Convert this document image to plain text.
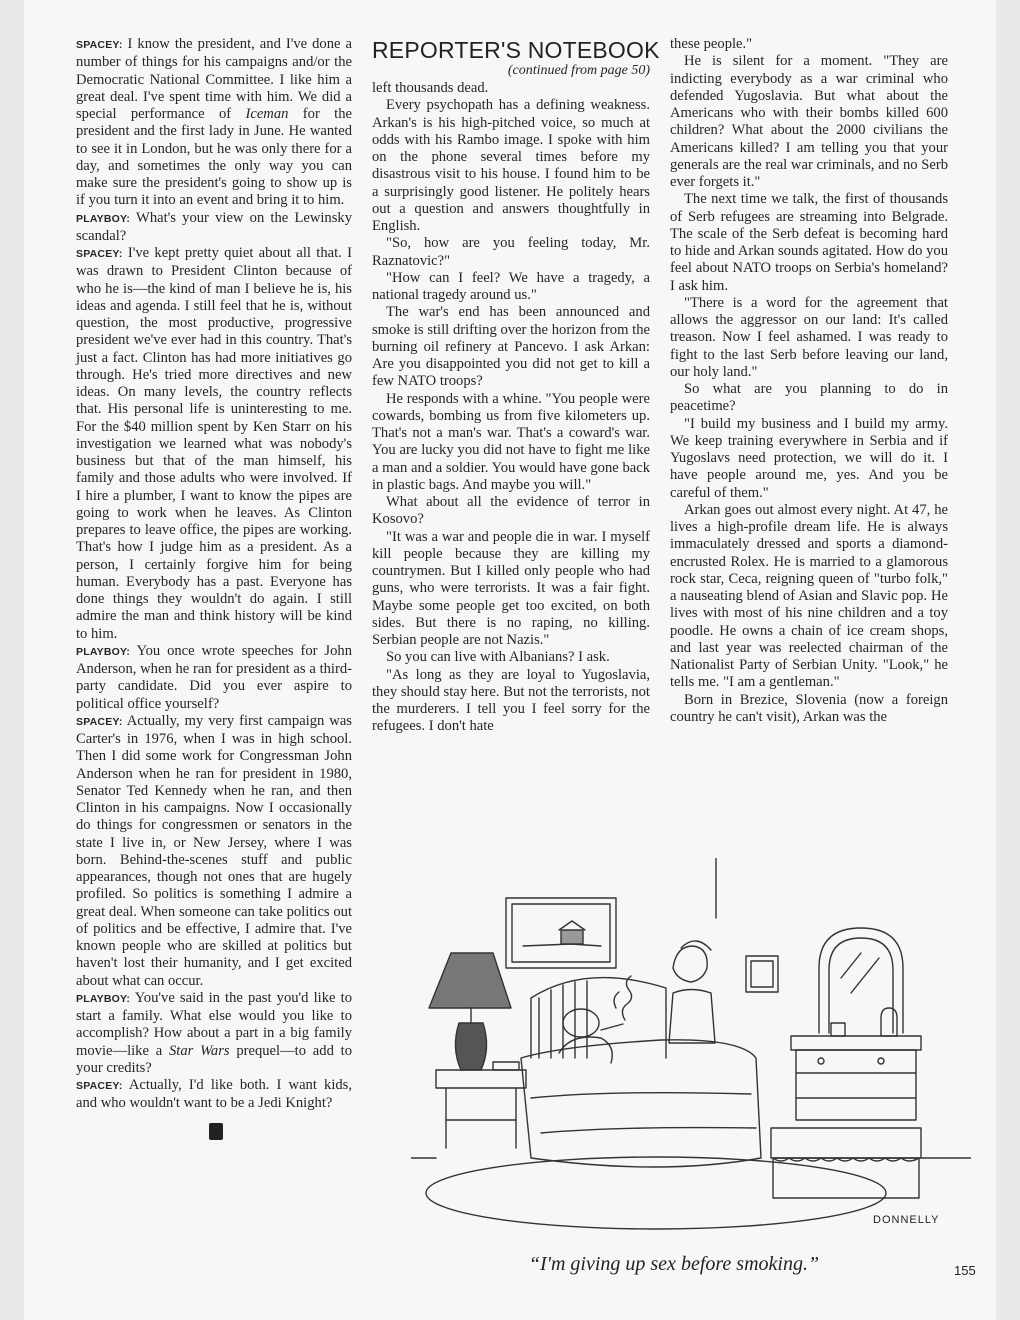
SPACEY: I know the president, and I've done a number of things for his campaigns and/or the Democratic National Committee. I like him a great deal. I've spent time with him. We did a special performance of Iceman for the president and the first lady in June. He wanted to see it in London, but he was only there for a day, and sometimes the only way you can make sure the president's going to show up is if you turn it into an event and bring it to him.

PLAYBOY: What's your view on the Lewinsky scandal?

SPACEY: I've kept pretty quiet about all that. I was drawn to President Clinton because of who he is—the kind of man I believe he is, his ideas and agenda. I still feel that he is, without question, the most productive, progressive president we've ever had in this country. That's just a fact. Clinton has had more initiatives go through. He's tried more directives and new ideas. On many levels, the country reflects that. His personal life is uninteresting to me. For the $40 million spent by Ken Starr on his investigation we learned what was nobody's business but that of the man himself, his family and those adults who were involved. If I hire a plumber, I want to know the pipes are going to work when he leaves. As Clinton prepares to leave office, the pipes are working. That's how I judge him as a president. As a person, I certainly forgive him for being human. Everybody has a past. Everyone has done things they wouldn't do again. I still admire the man and think history will be kind to him.

PLAYBOY: You once wrote speeches for John Anderson, when he ran for president as a third-party candidate. Did you ever aspire to political office yourself?

SPACEY: Actually, my very first campaign was Carter's in 1976, when I was in high school. Then I did some work for Congressman John Anderson when he ran for president in 1980, Senator Ted Kennedy when he ran, and then Clinton in his campaigns. Now I occasionally do things for congressmen or senators in the state I live in, or New Jersey, where I was born. Behind-the-scenes stuff and public appearances, though not ones that are hugely profiled. So politics is something I admire a great deal. When someone can take politics out of politics and be effective, I admire that. I've known people who are skilled at politics but haven't lost their humanity, and I get excited about what can occur.

PLAYBOY: You've said in the past you'd like to start a family. What else would you like to accomplish? How about a part in a big family movie—like a Star Wars prequel—to add to your credits?

SPACEY: Actually, I'd like both. I want kids, and who wouldn't want to be a Jedi Knight?

REPORTER'S NOTEBOOK
(continued from page 50)

left thousands dead.

Every psychopath has a defining weakness. Arkan's is his high-pitched voice, so much at odds with his Rambo image. I spoke with him on the phone several times before my disastrous visit to his house. I found him to be a surprisingly good listener. He politely hears out a question and answers thoughtfully in English.

"So, how are you feeling today, Mr. Raznatovic?"

"How can I feel? We have a tragedy, a national tragedy around us."

The war's end has been announced and smoke is still drifting over the horizon from the burning oil refinery at Pancevo. I ask Arkan: Are you disappointed you did not get to kill a few NATO troops?

He responds with a whine. "You people were cowards, bombing us from five kilometers up. That's not a man's war. That's a coward's war. You are lucky you did not have to fight me like a man and a soldier. You would have gone back in plastic bags. And maybe you will."

What about all the evidence of terror in Kosovo?

"It was a war and people die in war. I myself kill people because they are killing my countrymen. But I killed only people who had guns, who were terrorists. It was a fair fight. Maybe some people get too excited, on both sides. But there is no raping, no killing. Serbian people are not Nazis."

So you can live with Albanians? I ask.

"As long as they are loyal to Yugoslavia, they should stay here. But not the terrorists, not the murderers. I tell you I feel sorry for the refugees. I don't hate

these people."

He is silent for a moment. "They are indicting everybody as a war criminal who defended Yugoslavia. But what about the Americans who with their bombs killed 600 children? What about the 2000 civilians the Americans killed? I am telling you that your generals are the real war criminals, and no Serb ever forgets it."

The next time we talk, the first of thousands of Serb refugees are streaming into Belgrade. The scale of the Serb defeat is becoming hard to hide and Arkan sounds agitated. How do you feel about NATO troops on Serbia's homeland? I ask him.

"There is a word for the agreement that allows the aggressor on our land: It's called treason. Now I feel ashamed. I was ready to fight to the last Serb before leaving our land, our holy land."

So what are you planning to do in peacetime?

"I build my business and I build my army. We keep training everywhere in Serbia and if Yugoslavs need protection, we will do it. I have people around me, yes. And you be careful of them."

Arkan goes out almost every night. At 47, he lives a high-profile dream life. He is always immaculately dressed and sports a diamond-encrusted Rolex. He is married to a glamorous rock star, Ceca, reigning queen of "turbo folk," a nauseating blend of Asian and Slavic pop. He lives with most of his nine children and a toy poodle. He owns a chain of ice cream shops, and last year was reelected chairman of the Nationalist Party of Serbian Unity. "Look," he tells me. "I am a gentleman."

Born in Brezice, Slovenia (now a foreign country he can't visit), Arkan was the

DONNELLY
“I'm giving up sex before smoking.”	155
